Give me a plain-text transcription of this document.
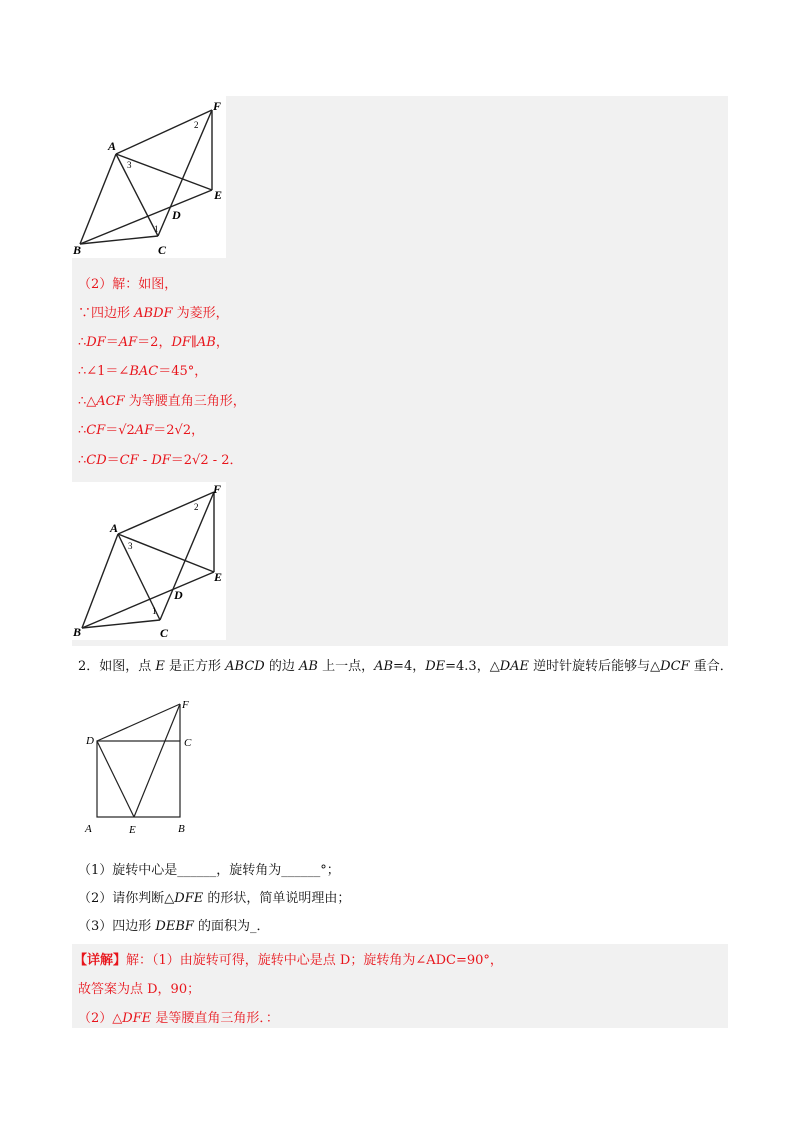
A
B	C
D
E
F
1
2
3
（2）解：如图，
∵四边形 ABDF 为菱形，
∴DF＝AF＝2，DF∥AB，
∴∠1＝∠BAC＝45°，
∴△ACF 为等腰直角三角形，
∴CF＝√2AF＝2√2，
∴CD＝CF - DF＝2√2 - 2．
A
B	C
D
E
F
1
2
3
2．如图，点 E 是正方形 ABCD 的边 AB 上一点，AB=4，DE=4.3，△DAE 逆时针旋转后能够与△DCF 重合．
D	C
F
A	E	B
（1）旋转中心是______，旋转角为______°；
（2）请你判断△DFE 的形状，简单说明理由；
（3）四边形 DEBF 的面积为_．
【详解】解：（1）由旋转可得，旋转中心是点 D；旋转角为∠ADC=90°，
故答案为点 D，90；
（2）△DFE 是等腰直角三角形．：
